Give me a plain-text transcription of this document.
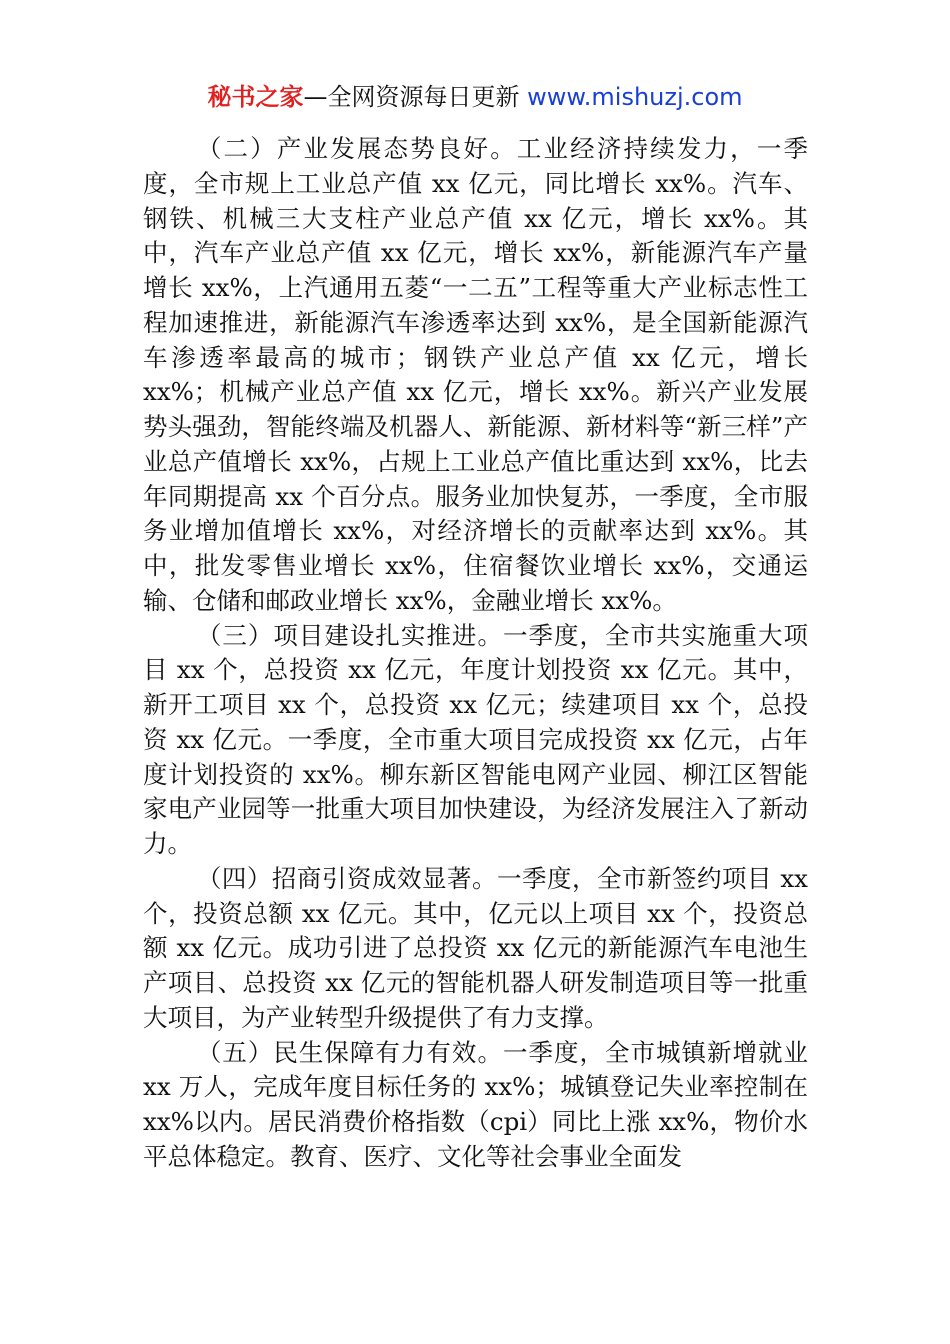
秘书之家—全网资源每日更新 www.mishuzj.com

（二）产业发展态势良好。工业经济持续发力，一季度，全市规上工业总产值 xx 亿元，同比增长 xx%。汽车、钢铁、机械三大支柱产业总产值 xx 亿元，增长 xx%。其中，汽车产业总产值 xx 亿元，增长 xx%，新能源汽车产量增长 xx%，上汽通用五菱“一二五”工程等重大产业标志性工程加速推进，新能源汽车渗透率达到 xx%，是全国新能源汽车渗透率最高的城市；钢铁产业总产值 xx 亿元，增长 xx%；机械产业总产值 xx 亿元，增长 xx%。新兴产业发展势头强劲，智能终端及机器人、新能源、新材料等“新三样”产业总产值增长 xx%，占规上工业总产值比重达到 xx%，比去年同期提高 xx 个百分点。服务业加快复苏，一季度，全市服务业增加值增长 xx%，对经济增长的贡献率达到 xx%。其中，批发零售业增长 xx%，住宿餐饮业增长 xx%，交通运输、仓储和邮政业增长 xx%，金融业增长 xx%。

（三）项目建设扎实推进。一季度，全市共实施重大项目 xx 个，总投资 xx 亿元，年度计划投资 xx 亿元。其中，新开工项目 xx 个，总投资 xx 亿元；续建项目 xx 个，总投资 xx 亿元。一季度，全市重大项目完成投资 xx 亿元，占年度计划投资的 xx%。柳东新区智能电网产业园、柳江区智能家电产业园等一批重大项目加快建设，为经济发展注入了新动力。

（四）招商引资成效显著。一季度，全市新签约项目 xx 个，投资总额 xx 亿元。其中，亿元以上项目 xx 个，投资总额 xx 亿元。成功引进了总投资 xx 亿元的新能源汽车电池生产项目、总投资 xx 亿元的智能机器人研发制造项目等一批重大项目，为产业转型升级提供了有力支撑。

（五）民生保障有力有效。一季度，全市城镇新增就业 xx 万人，完成年度目标任务的 xx%；城镇登记失业率控制在 xx%以内。居民消费价格指数（cpi）同比上涨 xx%，物价水平总体稳定。教育、医疗、文化等社会事业全面发
